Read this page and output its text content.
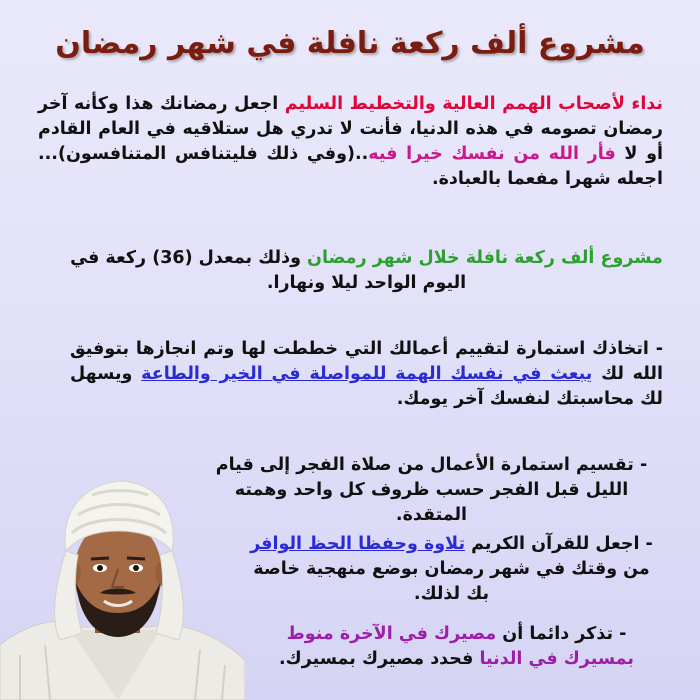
مشروع ألف ركعة نافلة في شهر رمضان
نداء لأصحاب الهمم العالية والتخطيط السليم اجعل رمضانك هذا وكأنه آخر رمضان تصومه في هذه الدنيا، فأنت لا تدري هل ستلاقيه في العام القادم أو لا فأر الله من نفسك خيرا فيه..(وفي ذلك فليتنافس المتنافسون)... اجعله شهرا مفعما بالعبادة.
مشروع ألف ركعة نافلة خلال شهر رمضان وذلك بمعدل (36) ركعة في اليوم الواحد ليلا ونهارا.
- اتخاذك استمارة لتقييم أعمالك التي خططت لها وتم انجازها بتوفيق الله لك يبعث في نفسك الهمة للمواصلة في الخير والطاعة ويسهل لك محاسبتك لنفسك آخر يومك.
- تقسيم استمارة الأعمال من صلاة الفجر إلى قيام الليل قبل الفجر حسب ظروف كل واحد وهمته المتقدة.
- اجعل للقرآن الكريم تلاوة وحفظا الحظ الوافر من وقتك في شهر رمضان بوضع منهجية خاصة بك لذلك.
- تذكر دائما أن مصيرك في الآخرة منوط بمسيرك في الدنيا فحدد مصيرك بمسيرك.
